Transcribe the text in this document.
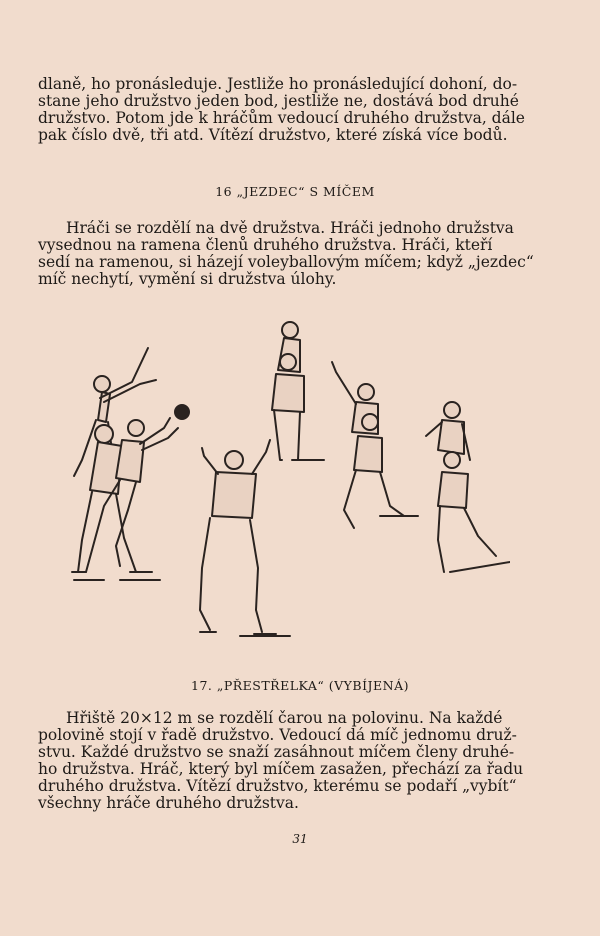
dlaně, ho pronásleduje. Jestliže ho pronásledující dohoní, do-
stane jeho družstvo jeden bod, jestliže ne, dostává bod druhé
družstvo. Potom jde k hráčům vedoucí druhého družstva, dále
pak číslo dvě, tři atd. Vítězí družstvo, které získá více bodů.
16 „JEZDEC“ S MÍČEM
Hráči se rozdělí na dvě družstva. Hráči jednoho družstva
vysednou na ramena členů druhého družstva. Hráči, kteří
sedí na ramenou, si házejí voleyballovým míčem; když „jezdec“
míč nechytí, vymění si družstva úlohy.
17. „PŘESTŘELKA“ (VYBÍJENÁ)
Hřiště 20×12 m se rozdělí čarou na polovinu. Na každé
polovině stojí v řadě družstvo. Vedoucí dá míč jednomu druž-
stvu. Každé družstvo se snaží zasáhnout míčem členy druhé-
ho družstva. Hráč, který byl míčem zasažen, přechází za řadu
druhého družstva. Vítězí družstvo, kterému se podaří „vybít“
všechny hráče druhého družstva.
31
